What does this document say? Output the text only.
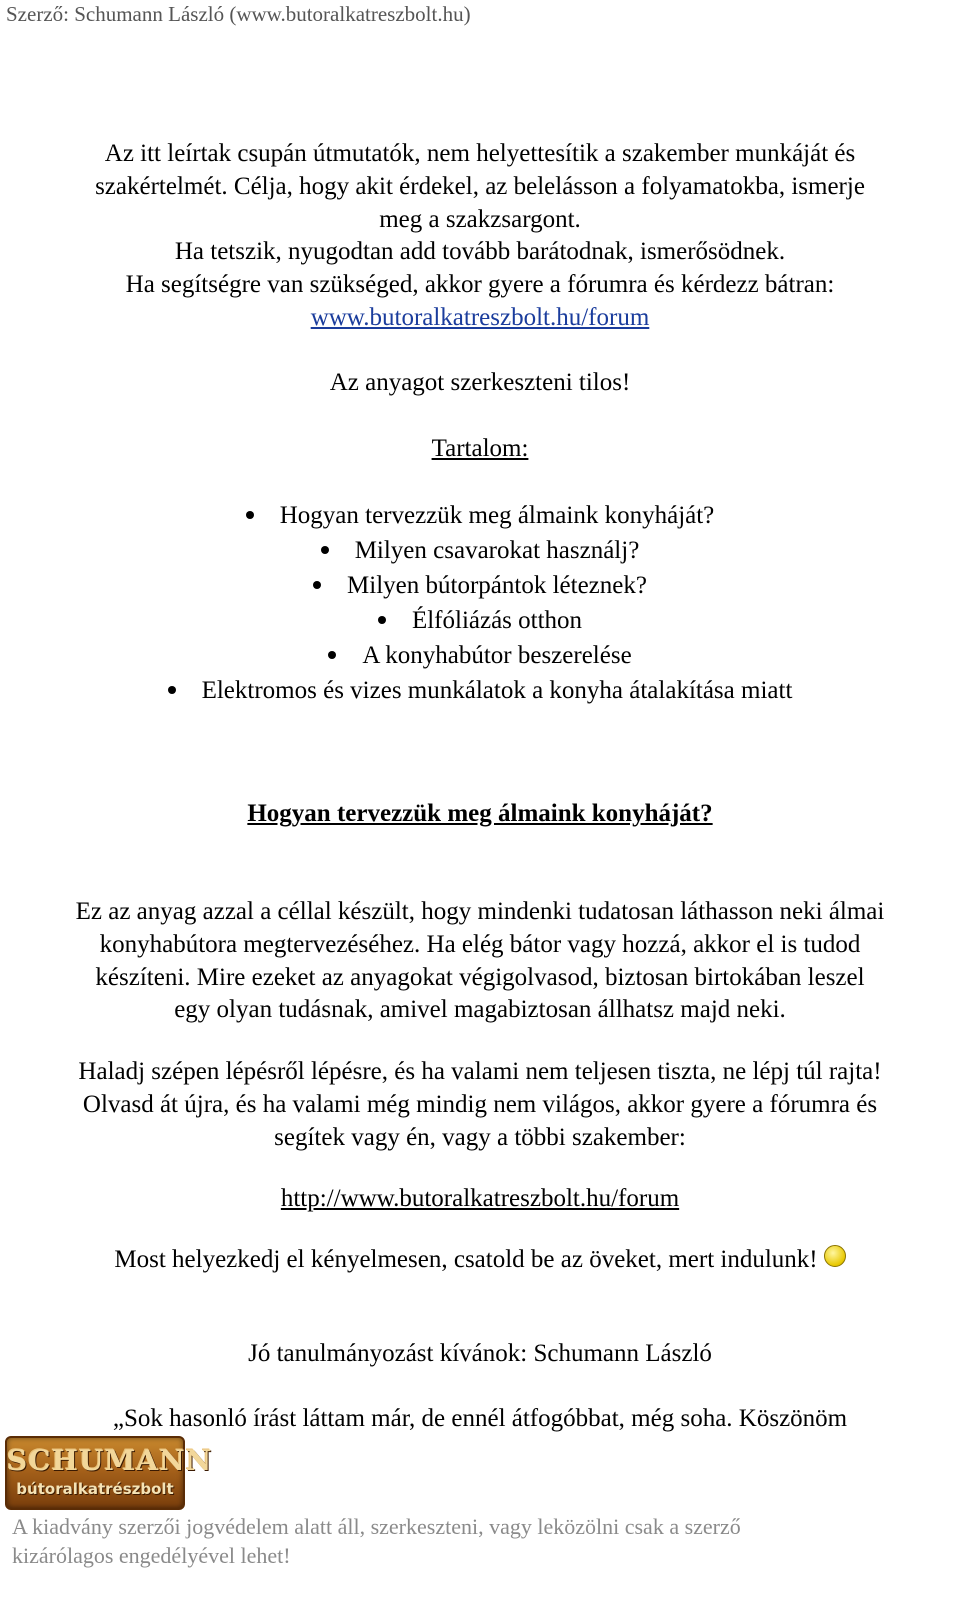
Szerző: Schumann László (www.butoralkatreszbolt.hu)
Az itt leírtak csupán útmutatók, nem helyettesítik a szakember munkáját és
szakértelmét. Célja, hogy akit érdekel, az belelásson a folyamatokba, ismerje
meg a szakzsargont.
Ha tetszik, nyugodtan add tovább barátodnak, ismerősödnek.
Ha segítségre van szükséged, akkor gyere a fórumra és kérdezz bátran:
www.butoralkatreszbolt.hu/forum
Az anyagot szerkeszteni tilos!
Tartalom:
Hogyan tervezzük meg álmaink konyháját?
Milyen csavarokat használj?
Milyen bútorpántok léteznek?
Élfóliázás otthon
A konyhabútor beszerelése
Elektromos és vizes munkálatok a konyha átalakítása miatt
Hogyan tervezzük meg álmaink konyháját?
Ez az anyag azzal a céllal készült, hogy mindenki tudatosan láthasson neki álmai
konyhabútora megtervezéséhez. Ha elég bátor vagy hozzá, akkor el is tudod
készíteni. Mire ezeket az anyagokat végigolvasod, biztosan birtokában leszel
egy olyan tudásnak, amivel magabiztosan állhatsz majd neki.
Haladj szépen lépésről lépésre, és ha valami nem teljesen tiszta, ne lépj túl rajta!
Olvasd át újra, és ha valami még mindig nem világos, akkor gyere a fórumra és
segítek vagy én, vagy a többi szakember:
http://www.butoralkatreszbolt.hu/forum
Most helyezkedj el kényelmesen, csatold be az öveket, mert indulunk!
Jó tanulmányozást kívánok: Schumann László
„Sok hasonló írást láttam már, de ennél átfogóbbat, még soha. Köszönöm
SCHUMANN
bútoralkatrészbolt
A kiadvány szerzői jogvédelem alatt áll, szerkeszteni, vagy leközölni csak a szerző
kizárólagos engedélyével lehet!
